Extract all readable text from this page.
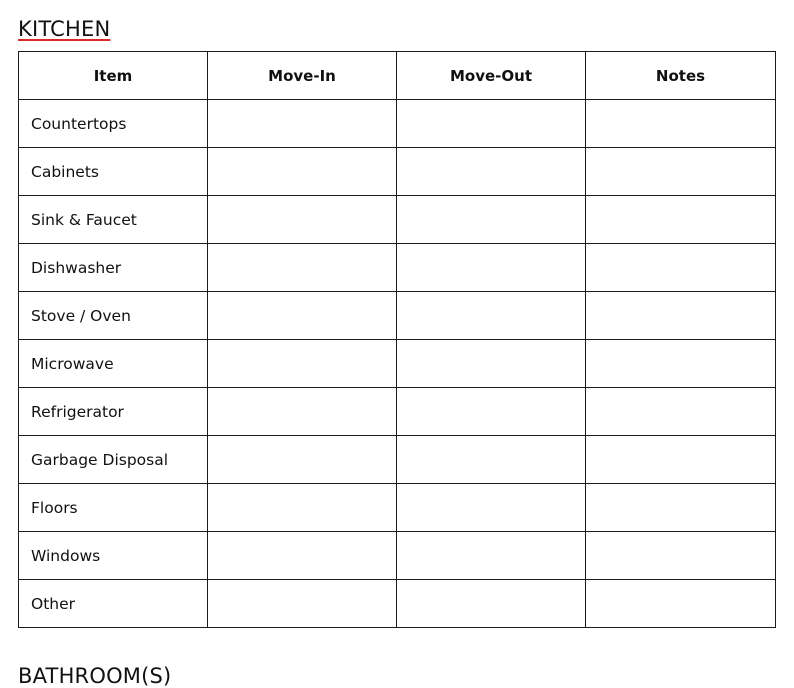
KITCHEN
Item	Move-In	Move-Out	Notes
Countertops			
Cabinets			
Sink & Faucet			
Dishwasher			
Stove / Oven			
Microwave			
Refrigerator			
Garbage Disposal			
Floors			
Windows			
Other			
BATHROOM(S)
